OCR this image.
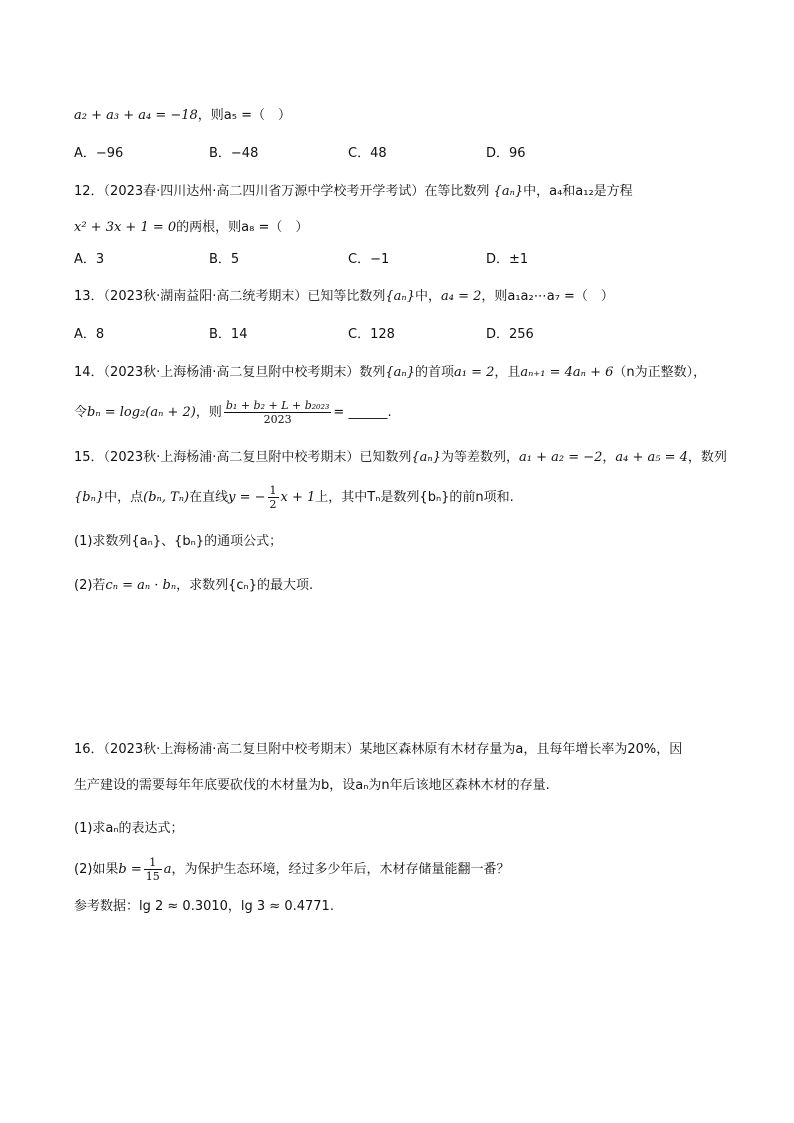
a₂ + a₃ + a₄ = −18，则a₅ =（　）
A．−96	B．−48	C．48	D．96
12．（2023春·四川达州·高二四川省万源中学校考开学考试）在等比数列 {aₙ}中，a₄和a₁₂是方程
x² + 3x + 1 = 0的两根，则a₈ =（　）
A．3	B．5	C．−1	D．±1
13．（2023秋·湖南益阳·高二统考期末）已知等比数列{aₙ}中，a₄ = 2，则a₁a₂⋯a₇ =（　）
A．8	B．14	C．128	D．256
14．（2023秋·上海杨浦·高二复旦附中校考期末）数列{aₙ}的首项a₁ = 2，且aₙ₊₁ = 4aₙ + 6（n为正整数），
令bₙ = log₂(aₙ + 2)，则 $\frac{\text{b₁ + b₂ + L + b₂₀₂₃}}{2023}$ = ______.
15．（2023秋·上海杨浦·高二复旦附中校考期末）已知数列{aₙ}为等差数列，a₁ + a₂ = −2，a₄ + a₅ = 4，数列
{bₙ}中，点(bₙ, Tₙ)在直线y = − $\frac{1}{2}$ x + 1上，其中Tₙ是数列{bₙ}的前n项和.
(1)求数列{aₙ}、{bₙ}的通项公式；
(2)若cₙ = aₙ · bₙ，求数列{cₙ}的最大项.
16．（2023秋·上海杨浦·高二复旦附中校考期末）某地区森林原有木材存量为a，且每年增长率为20%，因
生产建设的需要每年年底要砍伐的木材量为b，设aₙ为n年后该地区森林木材的存量.
(1)求aₙ的表达式；
(2)如果$b = \frac{1}{15}$ a，为保护生态环境，经过多少年后，木材存储量能翻一番？
参考数据：lg 2 ≈ 0.3010，lg 3 ≈ 0.4771.
